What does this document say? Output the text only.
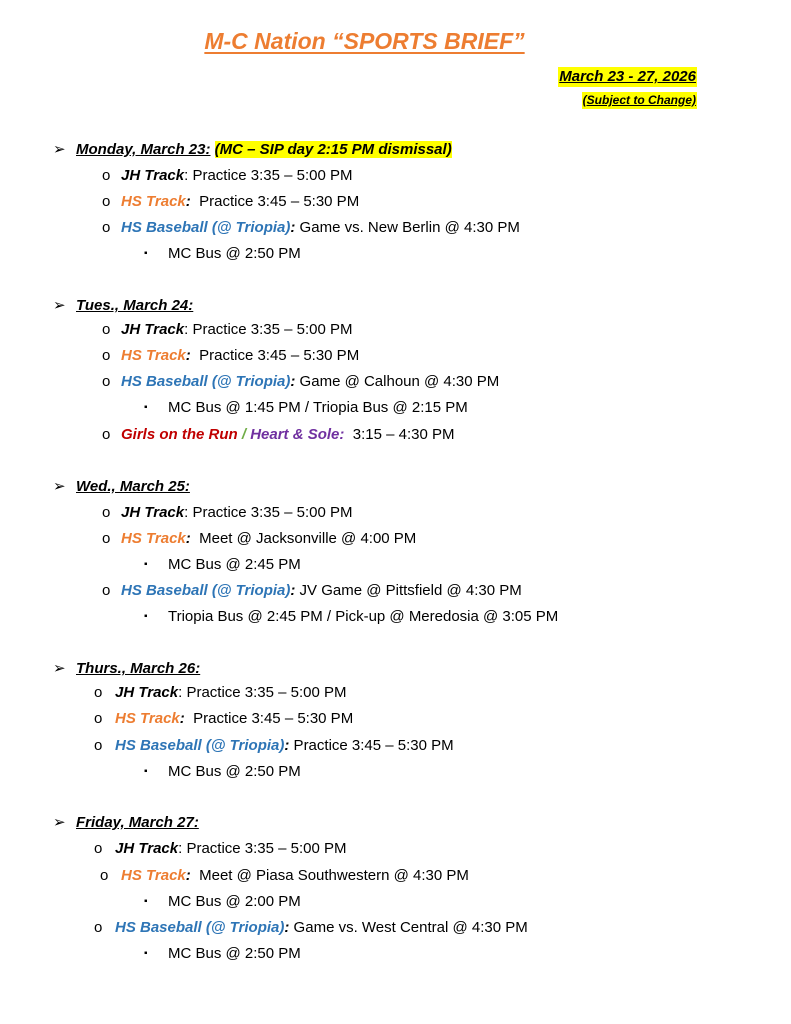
M-C Nation “SPORTS BRIEF”
March 23 - 27, 2026
(Subject to Change)
➢ Monday, March 23: (MC – SIP day 2:15 PM dismissal)
o JH Track: Practice 3:35 – 5:00 PM
o HS Track:  Practice 3:45 – 5:30 PM
o HS Baseball (@ Triopia): Game vs. New Berlin @ 4:30 PM
▪ MC Bus @ 2:50 PM
➢ Tues., March 24:
o JH Track: Practice 3:35 – 5:00 PM
o HS Track:  Practice 3:45 – 5:30 PM
o HS Baseball (@ Triopia): Game @ Calhoun @ 4:30 PM
▪ MC Bus @ 1:45 PM / Triopia Bus @ 2:15 PM
o Girls on the Run / Heart & Sole:  3:15 – 4:30 PM
➢ Wed., March 25:
o JH Track: Practice 3:35 – 5:00 PM
o HS Track:  Meet @ Jacksonville @ 4:00 PM
▪ MC Bus @ 2:45 PM
o HS Baseball (@ Triopia): JV Game @ Pittsfield @ 4:30 PM
▪ Triopia Bus @ 2:45 PM / Pick-up @ Meredosia @ 3:05 PM
➢ Thurs., March 26:
o JH Track: Practice 3:35 – 5:00 PM
o HS Track:  Practice 3:45 – 5:30 PM
o HS Baseball (@ Triopia): Practice 3:45 – 5:30 PM
▪ MC Bus @ 2:50 PM
➢ Friday, March 27:
o JH Track: Practice 3:35 – 5:00 PM
o HS Track:  Meet @ Piasa Southwestern @ 4:30 PM
▪ MC Bus @ 2:00 PM
o HS Baseball (@ Triopia): Game vs. West Central @ 4:30 PM
▪ MC Bus @ 2:50 PM
